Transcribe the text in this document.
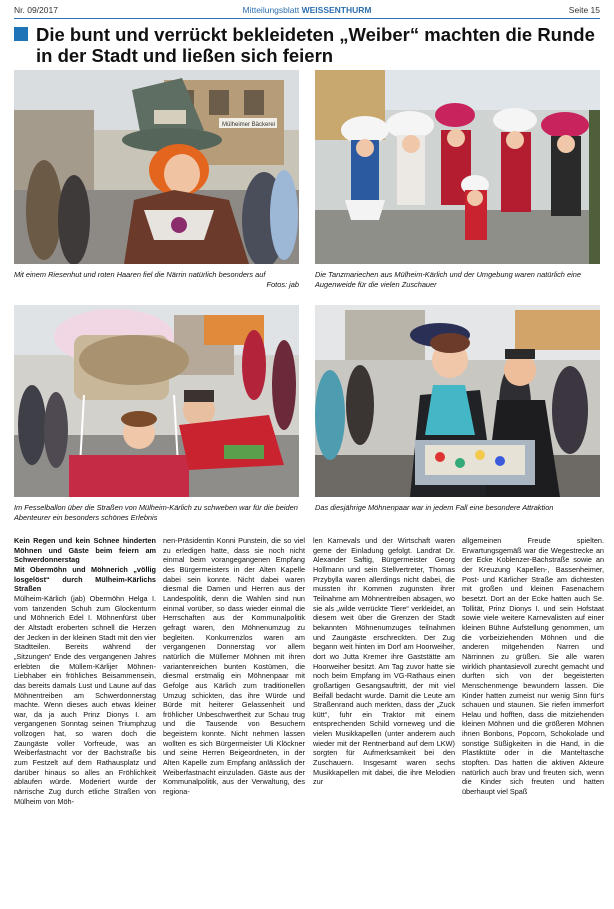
Nr. 09/2017	Mitteilungsblatt WEISSENTHURM	Seite 15
Die bunt und verrückt bekleideten „Weiber“ machten die Runde in der Stadt und ließen sich feiern
Mülheimer Bäckerei
Fotos: jab
Mit einem Riesenhut und roten Haaren fiel die Närrin natürlich besonders auf	Die Tanzmariechen aus Mülheim-Kärlich und der Umgebung waren natürlich eine Augenweide für die vielen Zuschauer
Im Fesselballon über die Straßen von Mülheim-Kärlich zu schweben war für die beiden Abenteurer ein besonders schönes Erlebnis
Das diesjährige Möhnenpaar war in jedem Fall eine besondere Attraktion

Kein Regen und kein Schnee hinderten Möhnen und Gäste beim feiern am Schwerdonnerstag

Mit Obermöhn und Möhnerich „völlig losgelöst“ durch Mülheim-Kärlichs Straßen

Mülheim-Kärlich (jab) Obermöhn Helga I. vom tanzenden Schuh zum Glockenturm und Möhnerich Edel I. Möhnenfürst über der Altstadt eroberten schnell die Herzen der Jecken in der kleinen Stadt mit den vier Stadtteilen. Bereits während der „Sitzungen“ Ende des vergangenen Jahres erlebten die Müllem-Kärlijer Möhnen-Liebhaber ein fröhliches Beisammensein, das bereits damals Lust und Laune auf das Möhnentreiben am Schwerdonnerstag machte. Wenn dieses auch etwas kleiner war, da ja auch Prinz Dionys I. am vergangenen Sonntag seinen Triumphzug vollzogen hat, so waren doch die Zaungäste voller Vorfreude, was an Weiberfastnacht vor der Bachstraße bis zum Festzelt auf dem Rathausplatz und darüber hinaus so alles an Fröhlichkeit ablaufen würde. Moderiert wurde der närrische Zug durch etliche Straßen von Mülheim von Möh-

nen-Präsidentin Konni Punstein, die so viel zu erledigen hatte, dass sie noch nicht einmal beim vorangegangenen Empfang des Bürgermeisters in der Alten Kapelle dabei sein konnte. Nicht dabei waren diesmal die Damen und Herren aus der Landespolitik, denn die Wahlen sind nun einmal vorüber, so dass wieder einmal die Herrschaften aus der Kommunalpolitik gefragt waren, den Möhnenumzug zu begleiten. Konkurrenzlos waren am vergangenen Donnerstag vor allem natürlich die Müllemer Möhnen mit ihren variantenreichen bunten Kostümen, die diesmal erstmalig ein Möhnenpaar mit Gefolge aus Kärlich zum traditionellen Umzug schickten, das ihre Würde und Bürde mit heiterer Gelassenheit und fröhlicher Unbeschwertheit zur Schau trug und die Tausende von Besuchern begeistern konnte. Nicht nehmen lassen wollten es sich Bürgermeister Uli Klöckner und seine Herren Beigeordneten, in der Alten Kapelle zum Empfang anlässlich der Weiberfastnacht einzuladen. Gäste aus der Kommunalpolitik, aus der Verwaltung, des regiona-

len Karnevals und der Wirtschaft waren gerne der Einladung gefolgt. Landrat Dr. Alexander Saftig, Bürgermeister Georg Hollmann und sein Stellvertreter, Thomas Przybylla waren allerdings nicht dabei, die mussten ihr Kommen zugunsten ihrer Teilnahme am Möhnentreiben absagen, wo sie als „wilde verrückte Tiere“ verkleidet, an diesem weit über die Grenzen der Stadt bekannten Möhnenumzuges teilnahmen und Zaungäste erschreckten. Der Zug begann weit hinten im Dorf am Hoorweiher, dort wo Jutta Kremer ihre Gaststätte am Hoorweiher besitzt. Am Tag zuvor hatte sie noch beim Empfang im VG-Rathaus einen großartigen Gesangsauftritt, der mit viel Beifall bedacht wurde. Damit die Leute am Straßenrand auch merkten, dass der „Zuck kütt“, fuhr ein Traktor mit einem entsprechenden Schild vorneweg und die vielen Musikkapellen (unter anderem auch wieder mit der Rentnerband auf dem LKW) sorgten für Aufmerksamkeit bei den Zuschauern. Insgesamt waren sechs Musikkapellen mit dabei, die ihre Melodien zur

allgemeinen Freude spielten. Erwartungsgemäß war die Wegestrecke an der Ecke Koblenzer-Bachstraße sowie an der Kreuzung Kapellen-, Bassenheimer, Post- und Kärlicher Straße am dichtesten mit großen und kleinen Fasenachern besetzt. Dort an der Ecke hatten auch Se. Tollität, Prinz Dionys I. und sein Hofstaat sowie viele weitere Karnevalisten auf einer kleinen Bühne Aufstellung genommen, um die vorbeiziehenden Möhnen und die anderen mitgehenden Narren und Närrinnen zu grüßen. Sie alle waren wirklich phantasievoll zurecht gemacht und durften sich von der begeisterten Menschenmenge bewundern lassen. Die Kinder hatten zumeist nur wenig Sinn für's schauen und staunen. Sie riefen immerfort Helau und hofften, dass die mitziehenden kleinen Möhnen und die größeren Möhnen ihnen Bonbons, Popcorn, Schokolade und sonstige Süßigkeiten in die Hand, in die Plastiktüte oder in die Manteltasche stopften. Das hatten die aktiven Akteure natürlich auch brav und freuten sich, wenn die Kinder sich freuten und hatten überhaupt viel Spaß
